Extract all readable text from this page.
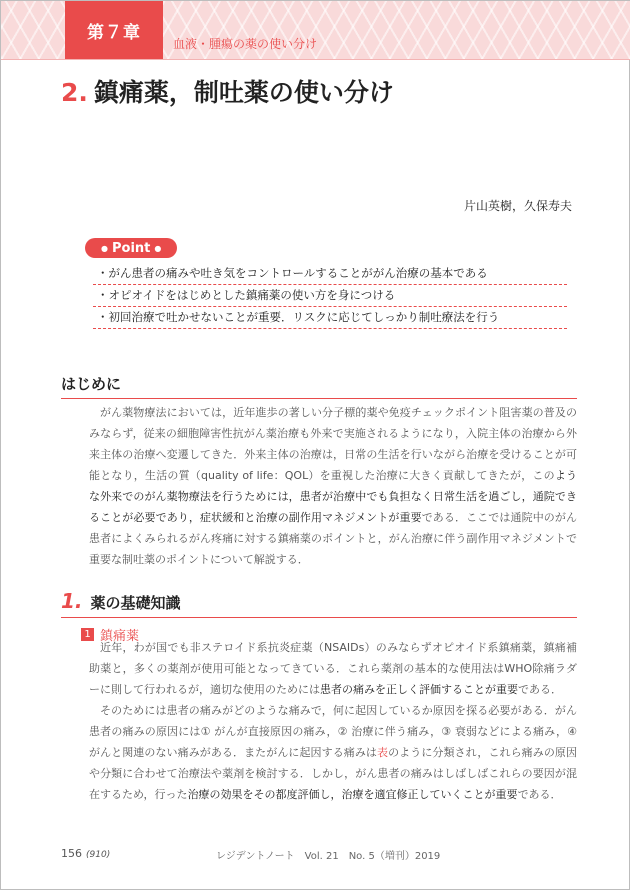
第７章
血液・腫瘍の薬の使い分け
2. 鎮痛薬，制吐薬の使い分け
片山英樹，久保寿夫
● Point ●
・がん患者の痛みや吐き気をコントロールすることががん治療の基本である
・オピオイドをはじめとした鎮痛薬の使い方を身につける
・初回治療で吐かせないことが重要．リスクに応じてしっかり制吐療法を行う
はじめに

がん薬物療法においては，近年進歩の著しい分子標的薬や免疫チェックポイント阻害薬の普及のみならず，従来の細胞障害性抗がん薬治療も外来で実施されるようになり，入院主体の治療から外来主体の治療へ変遷してきた．外来主体の治療は，日常の生活を行いながら治療を受けることが可能となり，生活の質（quality of life：QOL）を重視した治療に大きく貢献してきたが，このような外来でのがん薬物療法を行うためには，患者が治療中でも負担なく日常生活を過ごし，通院できることが必要であり，症状緩和と治療の副作用マネジメントが重要である．ここでは通院中のがん患者によくみられるがん疼痛に対する鎮痛薬のポイントと，がん治療に伴う副作用マネジメントで重要な制吐薬のポイントについて解説する．

1. 薬の基礎知識
1 鎮痛薬

近年，わが国でも非ステロイド系抗炎症薬（NSAIDs）のみならずオピオイド系鎮痛薬，鎮痛補助薬と，多くの薬剤が使用可能となってきている．これら薬剤の基本的な使用法はWHO除痛ラダーに則して行われるが，適切な使用のためには患者の痛みを正しく評価することが重要である．

そのためには患者の痛みがどのような痛みで，何に起因しているか原因を探る必要がある．がん患者の痛みの原因には① がんが直接原因の痛み，② 治療に伴う痛み，③ 衰弱などによる痛み，④ がんと関連のない痛みがある．またがんに起因する痛みは表のように分類され，これら痛みの原因や分類に合わせて治療法や薬剤を検討する．しかし，がん患者の痛みはしばしばこれらの要因が混在するため，行った治療の効果をその都度評価し，治療を適宜修正していくことが重要である．

156 (910)	レジデントノート　Vol. 21　No. 5（増刊）2019
